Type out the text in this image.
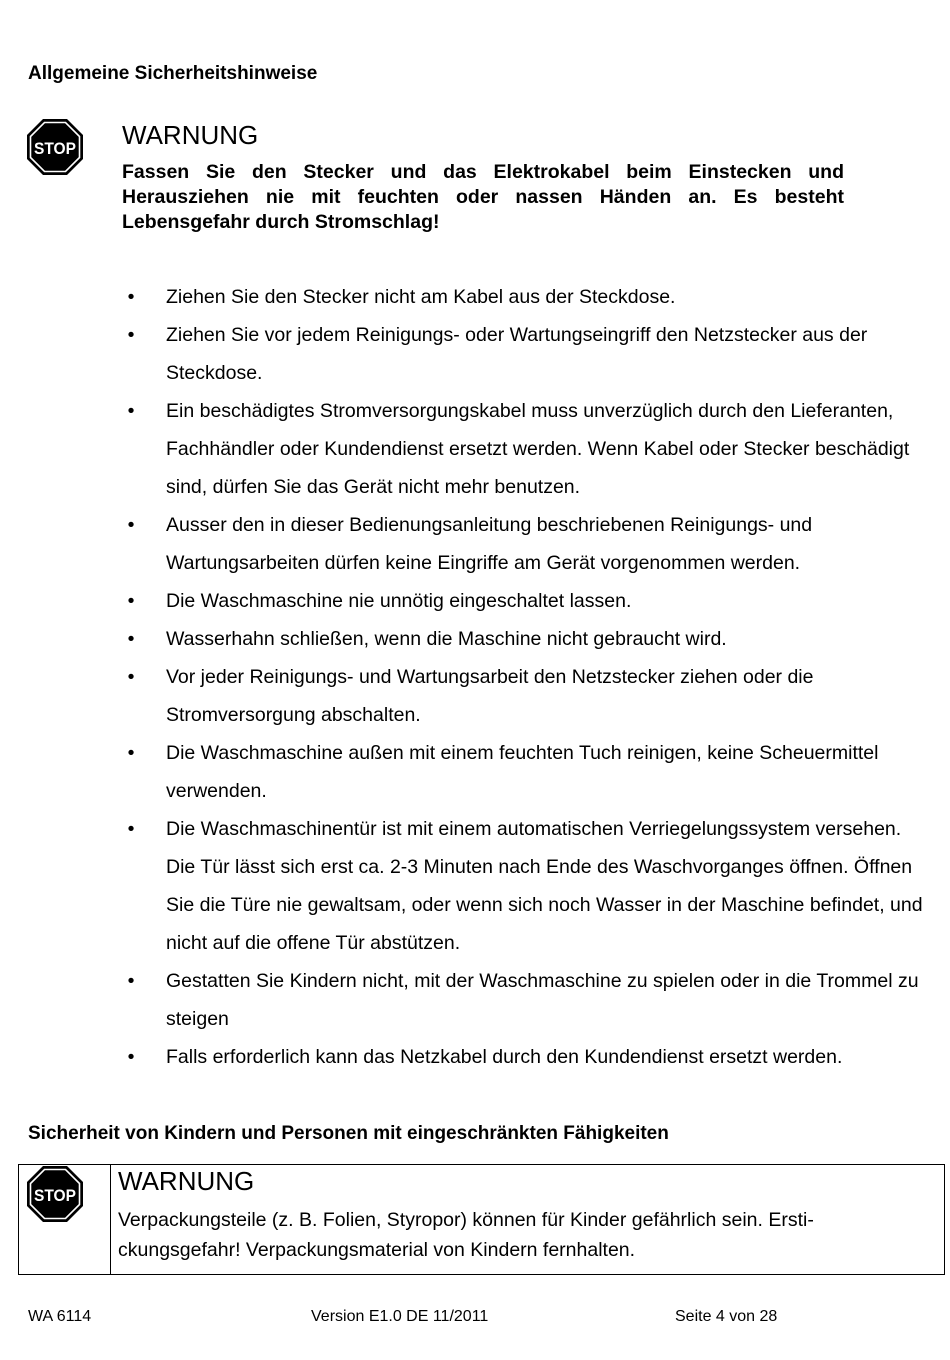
Allgemeine Sicherheitshinweise
STOP WARNUNG

Fassen Sie den Stecker und das Elektrokabel beim Einstecken und Herausziehen nie mit feuchten oder nassen Händen an. Es besteht Lebensgefahr durch Stromschlag!

• Ziehen Sie den Stecker nicht am Kabel aus der Steckdose.
• Ziehen Sie vor jedem Reinigungs- oder Wartungseingriff den Netzstecker aus der Steckdose.
• Ein beschädigtes Stromversorgungskabel muss unverzüglich durch den Lieferanten, Fachhändler oder Kundendienst ersetzt werden. Wenn Kabel oder Stecker beschädigt sind, dürfen Sie das Gerät nicht mehr benutzen.
• Ausser den in dieser Bedienungsanleitung beschriebenen Reinigungs- und Wartungsarbeiten dürfen keine Eingriffe am Gerät vorgenommen werden.
• Die Waschmaschine nie unnötig eingeschaltet lassen.
• Wasserhahn schließen, wenn die Maschine nicht gebraucht wird.
• Vor jeder Reinigungs- und Wartungsarbeit den Netzstecker ziehen oder die Stromversorgung abschalten.
• Die Waschmaschine außen mit einem feuchten Tuch reinigen, keine Scheuermittel verwenden.
• Die Waschmaschinentür ist mit einem automatischen Verriegelungssystem versehen. Die Tür lässt sich erst ca. 2-3 Minuten nach Ende des Waschvorganges öffnen. Öffnen Sie die Türe nie gewaltsam, oder wenn sich noch Wasser in der Maschine befindet, und nicht auf die offene Tür abstützen.
• Gestatten Sie Kindern nicht, mit der Waschmaschine zu spielen oder in die Trommel zu steigen
• Falls erforderlich kann das Netzkabel durch den Kundendienst ersetzt werden.
Sicherheit von Kindern und Personen mit eingeschränkten Fähigkeiten
STOP WARNUNG

Verpackungsteile (z. B. Folien, Styropor) können für Kinder gefährlich sein. Erstickungsgefahr! Verpackungsmaterial von Kindern fernhalten.

WA 6114	Version E1.0 DE 11/2011	Seite 4 von 28
